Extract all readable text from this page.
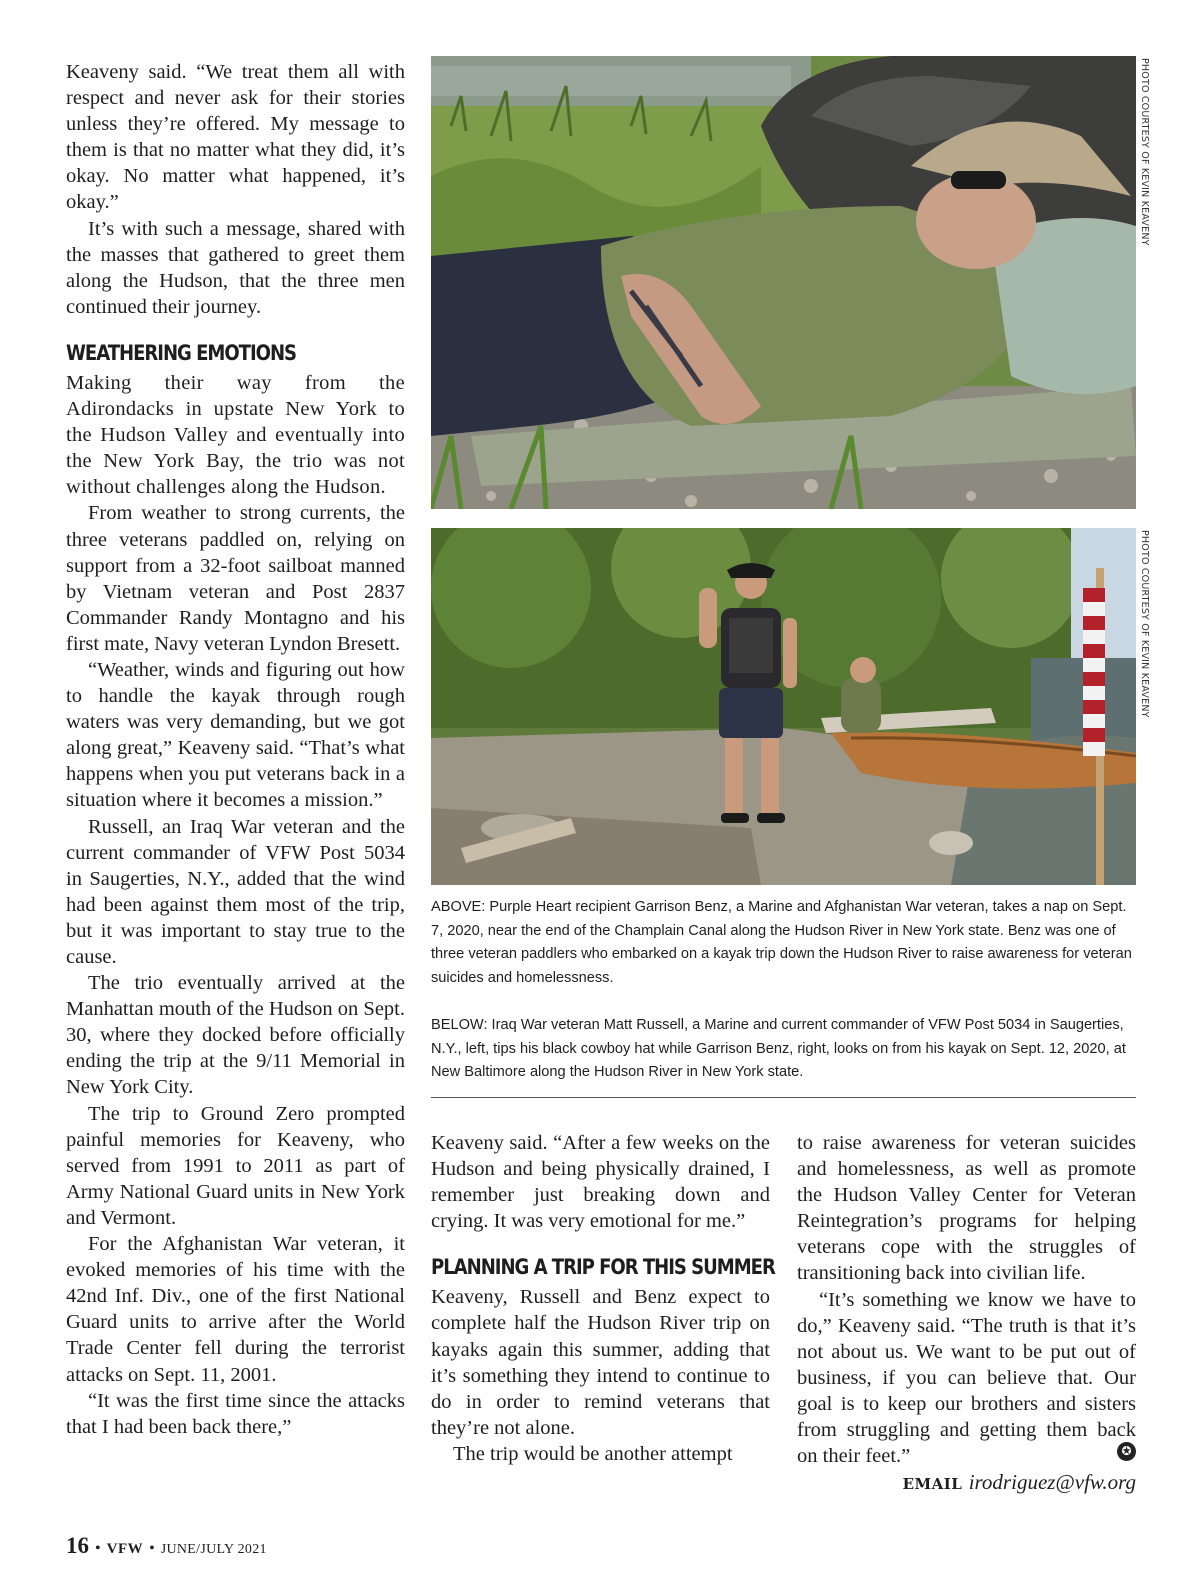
Keaveny said. “We treat them all with respect and never ask for their stories unless they’re offered. My message to them is that no matter what they did, it’s okay. No matter what happened, it’s okay.”

It’s with such a message, shared with the masses that gathered to greet them along the Hudson, that the three men continued their journey.

WEATHERING EMOTIONS

Making their way from the Adirondacks in upstate New York to the Hudson Valley and eventually into the New York Bay, the trio was not without challenges along the Hudson.

From weather to strong currents, the three veterans paddled on, relying on support from a 32-foot sailboat manned by Vietnam veteran and Post 2837 Commander Randy Montagno and his first mate, Navy veteran Lyndon Bresett.

“Weather, winds and figuring out how to handle the kayak through rough waters was very demanding, but we got along great,” Keaveny said. “That’s what happens when you put veterans back in a situation where it becomes a mission.”

Russell, an Iraq War veteran and the current commander of VFW Post 5034 in Saugerties, N.Y., added that the wind had been against them most of the trip, but it was important to stay true to the cause.

The trio eventually arrived at the Manhattan mouth of the Hudson on Sept. 30, where they docked before officially ending the trip at the 9/11 Memorial in New York City.

The trip to Ground Zero prompted painful memories for Keaveny, who served from 1991 to 2011 as part of Army National Guard units in New York and Vermont.

For the Afghanistan War veteran, it evoked memories of his time with the 42nd Inf. Div., one of the first National Guard units to arrive after the World Trade Center fell during the terrorist attacks on Sept. 11, 2001.

“It was the first time since the attacks that I had been back there,”

PHOTO COURTESY OF KEVIN KEAVENY
PHOTO COURTESY OF KEVIN KEAVENY
ABOVE: Purple Heart recipient Garrison Benz, a Marine and Afghanistan War veteran, takes a nap on Sept. 7, 2020, near the end of the Champlain Canal along the Hudson River in New York state. Benz was one of three veteran paddlers who embarked on a kayak trip down the Hudson River to raise awareness for veteran suicides and homelessness.
BELOW: Iraq War veteran Matt Russell, a Marine and current commander of VFW Post 5034 in Saugerties, N.Y., left, tips his black cowboy hat while Garrison Benz, right, looks on from his kayak on Sept. 12, 2020, at New Baltimore along the Hudson River in New York state.

Keaveny said. “After a few weeks on the Hudson and being physically drained, I remember just breaking down and crying. It was very emotional for me.”

PLANNING A TRIP FOR THIS SUMMER

Keaveny, Russell and Benz expect to complete half the Hudson River trip on kayaks again this summer, adding that it’s something they intend to continue to do in order to remind veterans that they’re not alone.

The trip would be another attempt

to raise awareness for veteran suicides and homelessness, as well as promote the Hudson Valley Center for Veteran Reintegration’s programs for helping veterans cope with the struggles of transitioning back into civilian life.

“It’s something we know we have to do,” Keaveny said. “The truth is that it’s not about us. We want to be put out of business, if you can believe that. Our goal is to keep our brothers and sisters from struggling and getting them back on their feet.”	✪
EMAIL irodriguez@vfw.org
16 • VFW • JUNE/JULY 2021
